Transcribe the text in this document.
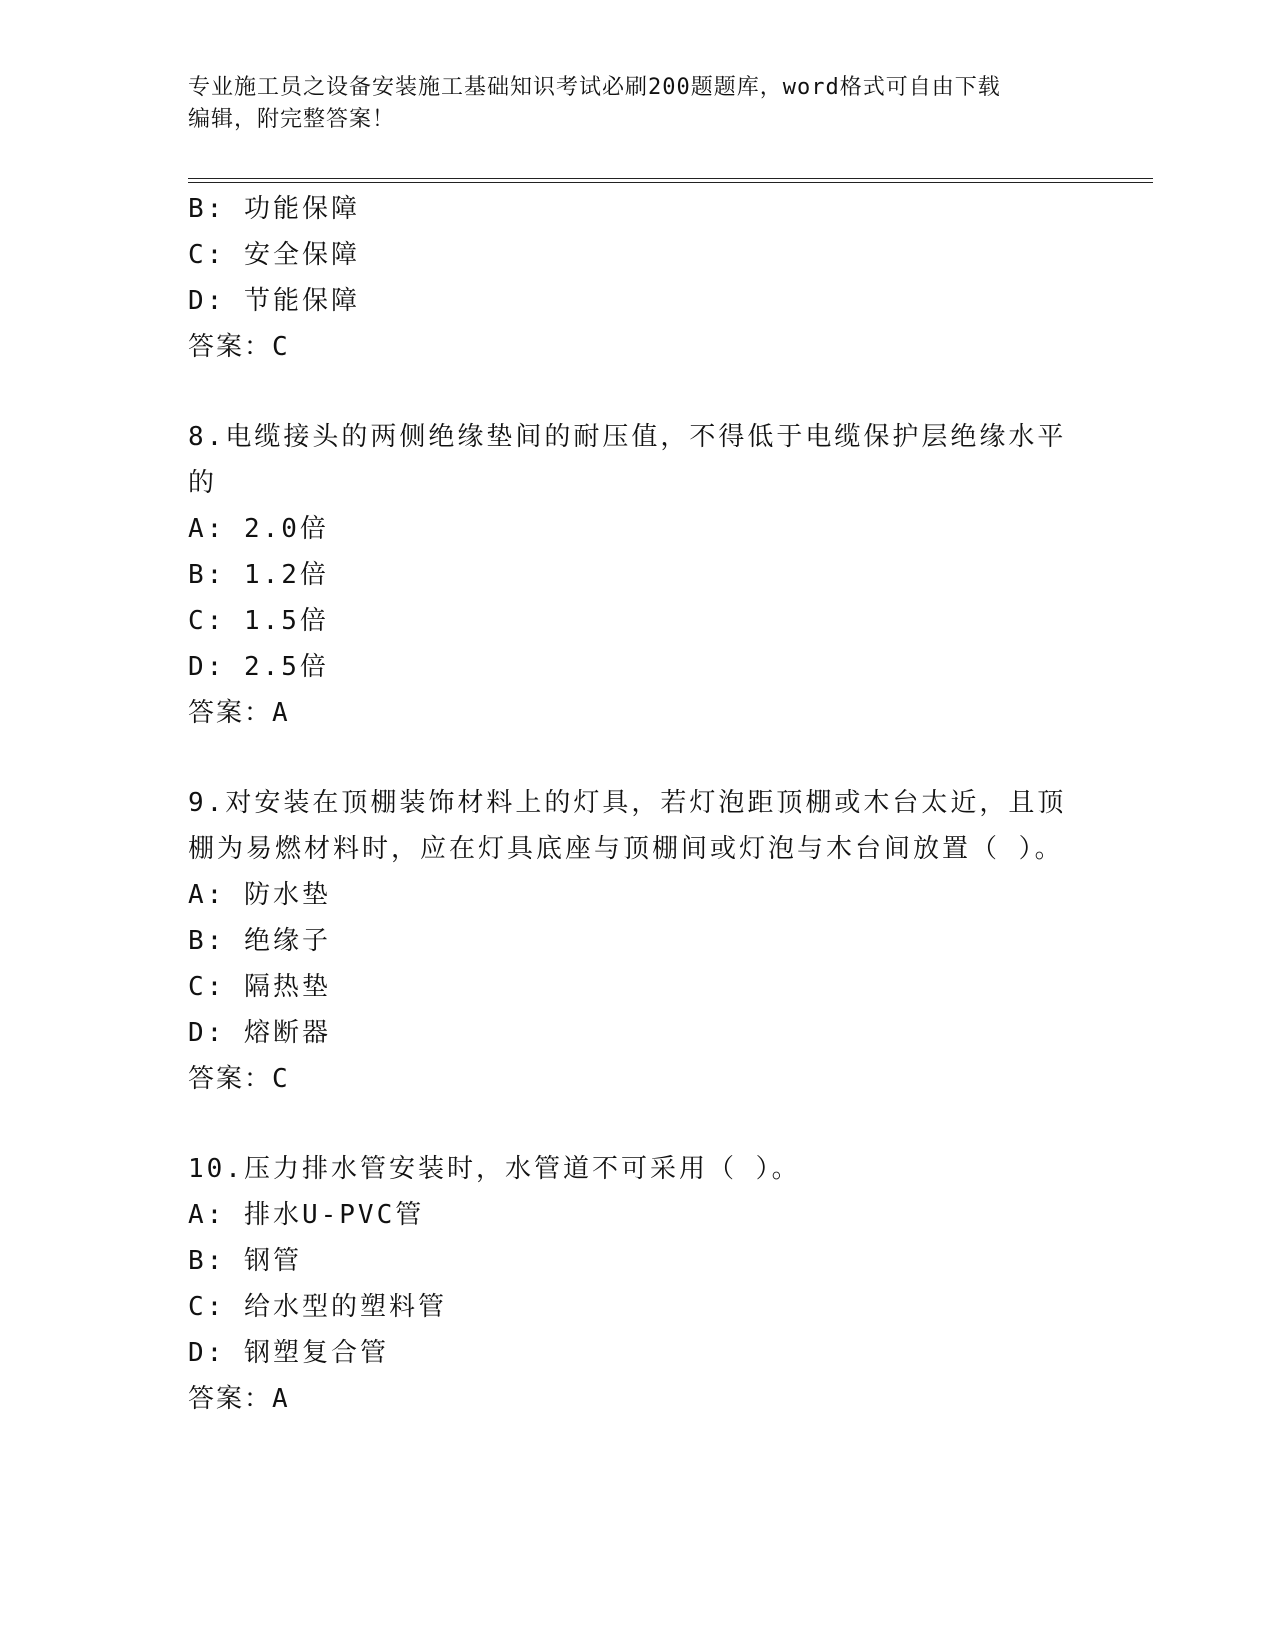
专业施工员之设备安装施工基础知识考试必刷200题题库，word格式可自由下载
编辑，附完整答案！
B: 功能保障
C: 安全保障
D: 节能保障
答案：C
8.电缆接头的两侧绝缘垫间的耐压值，不得低于电缆保护层绝缘水平
的
A: 2.0倍
B: 1.2倍
C: 1.5倍
D: 2.5倍
答案：A
9.对安装在顶棚装饰材料上的灯具，若灯泡距顶棚或木台太近，且顶
棚为易燃材料时，应在灯具底座与顶棚间或灯泡与木台间放置（ ）。
A: 防水垫
B: 绝缘子
C: 隔热垫
D: 熔断器
答案：C
10.压力排水管安装时，水管道不可采用（ ）。
A: 排水U-PVC管
B: 钢管
C: 给水型的塑料管
D: 钢塑复合管
答案：A
